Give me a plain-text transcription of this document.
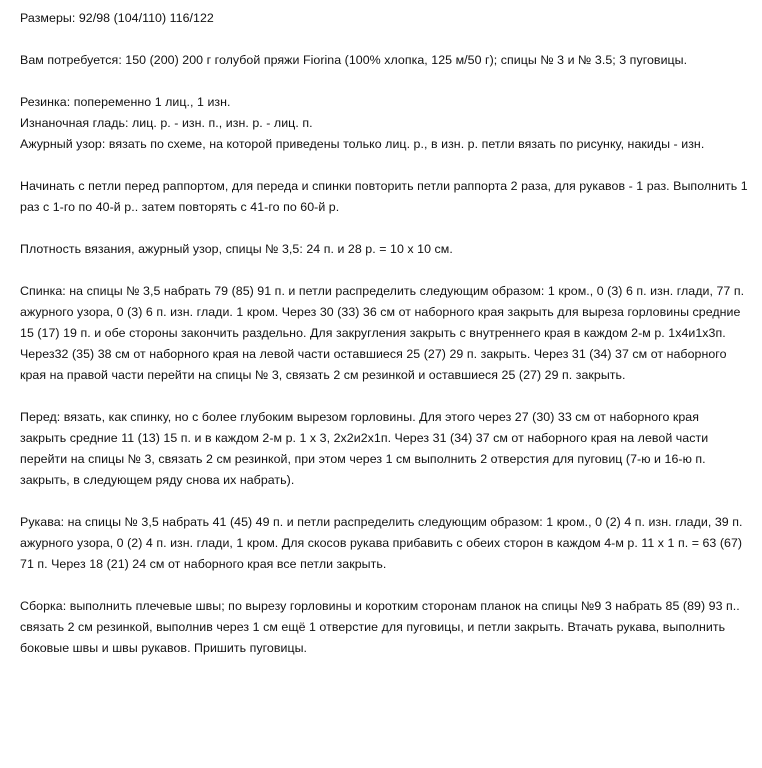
Размеры: 92/98 (104/110) 116/122

Вам потребуется: 150 (200) 200 г голубой пряжи Fiorina (100% хлопка, 125 м/50 г); спицы № 3 и № 3.5; 3 пуговицы.

Резинка: попеременно 1 лиц., 1 изн.
Изнаночная гладь: лиц. р. - изн. п., изн. р. - лиц. п.
Ажурный узор: вязать по схеме, на которой приведены только лиц. р., в изн. р. петли вязать по рисунку, накиды - изн.

Начинать с петли перед раппортом, для переда и спинки повторить петли раппорта 2 раза, для рукавов - 1 раз. Выполнить 1 раз с 1-го по 40-й р.. затем повторять с 41-го по 60-й р.

Плотность вязания, ажурный узор, спицы № 3,5: 24 п. и 28 р. = 10 х 10 см.

Спинка: на спицы № 3,5 набрать 79 (85) 91 п. и петли распределить следующим образом: 1 кром., 0 (3) 6 п. изн. глади, 77 п. ажурного узора, 0 (3) 6 п. изн. глади. 1 кром. Через 30 (33) 36 см от наборного края закрыть для выреза горловины средние 15 (17) 19 п. и обе стороны закончить раздельно. Для закругления закрыть с внутреннего края в каждом 2-м р. 1х4и1х3п. Через32 (35) 38 см от наборного края на левой части оставшиеся 25 (27) 29 п. закрыть. Через 31 (34) 37 см от наборного края на правой части перейти на спицы № 3, связать 2 см резинкой и оставшиеся 25 (27) 29 п. закрыть.

Перед: вязать, как спинку, но с более глубоким вырезом горловины. Для этого через 27 (30) 33 см от наборного края закрыть средние 11 (13) 15 п. и в каждом 2-м р. 1 х 3, 2х2и2х1п. Через 31 (34) 37 см от наборного края на левой части перейти на спицы № 3, связать 2 см резинкой, при этом через 1 см выполнить 2 отверстия для пуговиц (7-ю и 16-ю п. закрыть, в следующем ряду снова их набрать).

Рукава: на спицы № 3,5 набрать 41 (45) 49 п. и петли распределить следующим образом: 1 кром., 0 (2) 4 п. изн. глади, 39 п. ажурного узора, 0 (2) 4 п. изн. глади, 1 кром. Для скосов рукава прибавить с обеих сторон в каждом 4-м р. 11 х 1 п. = 63 (67) 71 п. Через 18 (21) 24 см от наборного края все петли закрыть.

Сборка: выполнить плечевые швы; по вырезу горловины и коротким сторонам планок на спицы №9 3 набрать 85 (89) 93 п.. связать 2 см резинкой, выполнив через 1 см ещё 1 отверстие для пуговицы, и петли закрыть. Втачать рукава, выполнить боковые швы и швы рукавов. Пришить пуговицы.
